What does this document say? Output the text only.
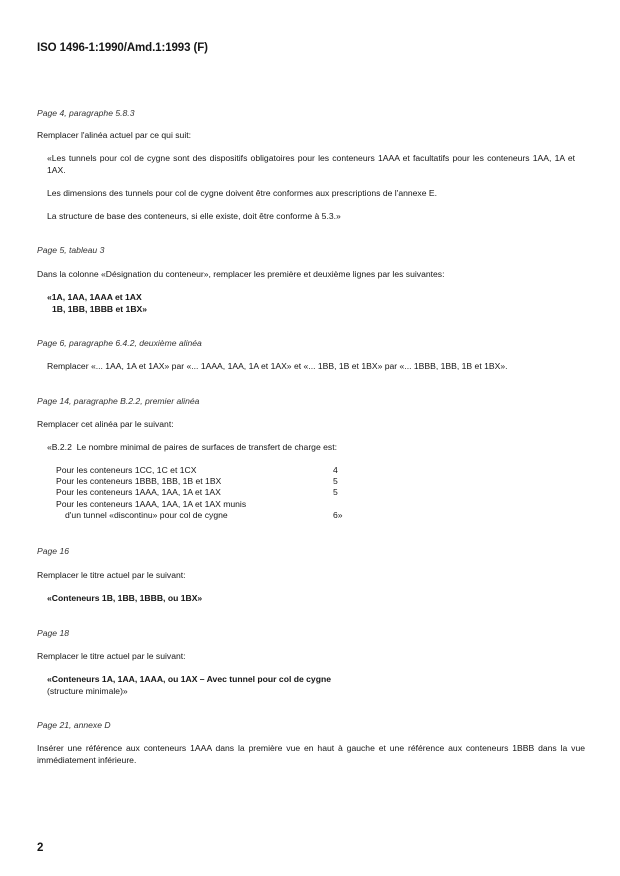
ISO 1496-1:1990/Amd.1:1993 (F)
Page 4, paragraphe 5.8.3
Remplacer l'alinéa actuel par ce qui suit:
«Les tunnels pour col de cygne sont des dispositifs obligatoires pour les conteneurs 1AAA et facultatifs pour les conteneurs 1AA, 1A et 1AX.
Les dimensions des tunnels pour col de cygne doivent être conformes aux prescriptions de l'annexe E.
La structure de base des conteneurs, si elle existe, doit être conforme à 5.3.»
Page 5, tableau 3
Dans la colonne «Désignation du conteneur», remplacer les première et deuxième lignes par les suivantes:
«1A, 1AA, 1AAA et 1AX
1B, 1BB, 1BBB et 1BX»
Page 6, paragraphe 6.4.2, deuxième alinéa
Remplacer «... 1AA, 1A et 1AX» par «... 1AAA, 1AA, 1A et 1AX» et «... 1BB, 1B et 1BX» par «... 1BBB, 1BB, 1B et 1BX».
Page 14, paragraphe B.2.2, premier alinéa
Remplacer cet alinéa par le suivant:
«B.2.2 Le nombre minimal de paires de surfaces de transfert de charge est:
Pour les conteneurs 1CC, 1C et 1CX	4
Pour les conteneurs 1BBB, 1BB, 1B et 1BX	5
Pour les conteneurs 1AAA, 1AA, 1A et 1AX	5
Pour les conteneurs 1AAA, 1AA, 1A et 1AX munis
d'un tunnel «discontinu» pour col de cygne	6»
Page 16
Remplacer le titre actuel par le suivant:
«Conteneurs 1B, 1BB, 1BBB, ou 1BX»
Page 18
Remplacer le titre actuel par le suivant:
«Conteneurs 1A, 1AA, 1AAA, ou 1AX – Avec tunnel pour col de cygne
(structure minimale)»
Page 21, annexe D
Insérer une référence aux conteneurs 1AAA dans la première vue en haut à gauche et une référence aux conteneurs 1BBB dans la vue immédiatement inférieure.
2
